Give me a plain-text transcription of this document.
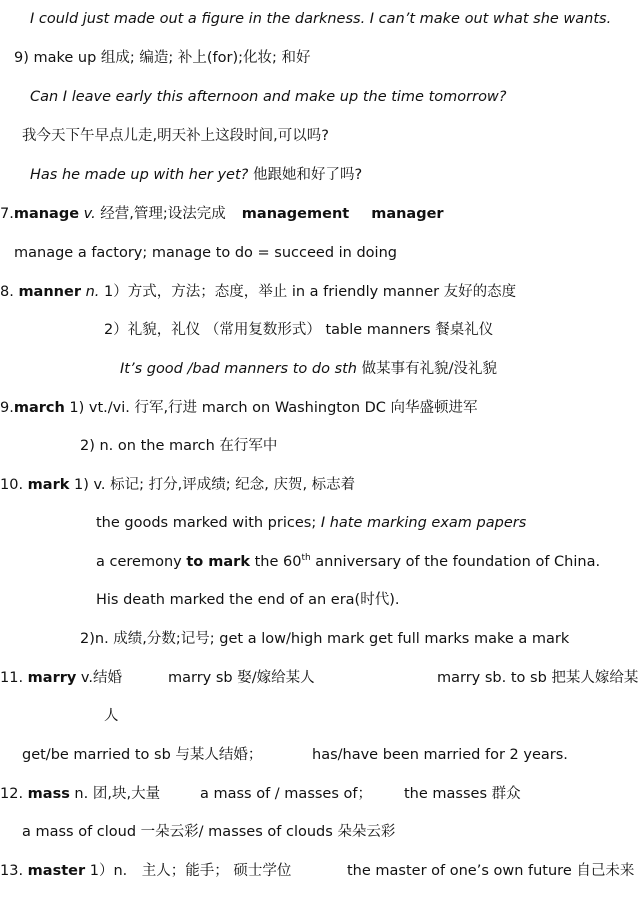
I could just made out a figure in the darkness. I can’t make out what she wants.
9) make up 组成; 编造; 补上(for);化妆; 和好
Can I leave early this afternoon and make up the time tomorrow?
我今天下午早点儿走,明天补上这段时间,可以吗?
Has he made up with her yet? 他跟她和好了吗?
7.manage v. 经营,管理;设法完成 management manager
manage a factory; manage to do = succeed in doing
8. manner n. 1）方式，方法；态度，举止 in a friendly manner 友好的态度
2）礼貌，礼仪 （常用复数形式） table manners 餐桌礼仪
It’s good /bad manners to do sth 做某事有礼貌/没礼貌
9.march 1) vt./vi. 行军,行进 march on Washington DC 向华盛顿进军
2) n. on the march 在行军中
10. mark 1) v. 标记; 打分,评成绩; 纪念, 庆贺, 标志着
the goods marked with prices; I hate marking exam papers
a ceremony to mark the 60th anniversary of the foundation of China.
His death marked the end of an era(时代).
2)n. 成绩,分数;记号; get a low/high mark get full marks make a mark
11. marry v.结婚	marry sb 娶/嫁给某人	marry sb. to sb 把某人嫁给某
人
get/be married to sb 与某人结婚；	has/have been married for 2 years.
12. mass n. 团,块,大量	a mass of / masses of； the masses 群众
a mass of cloud 一朵云彩/ masses of clouds 朵朵云彩
13. master 1）n． 主人；能手； 硕士学位	the master of one’s own future 自己未来
